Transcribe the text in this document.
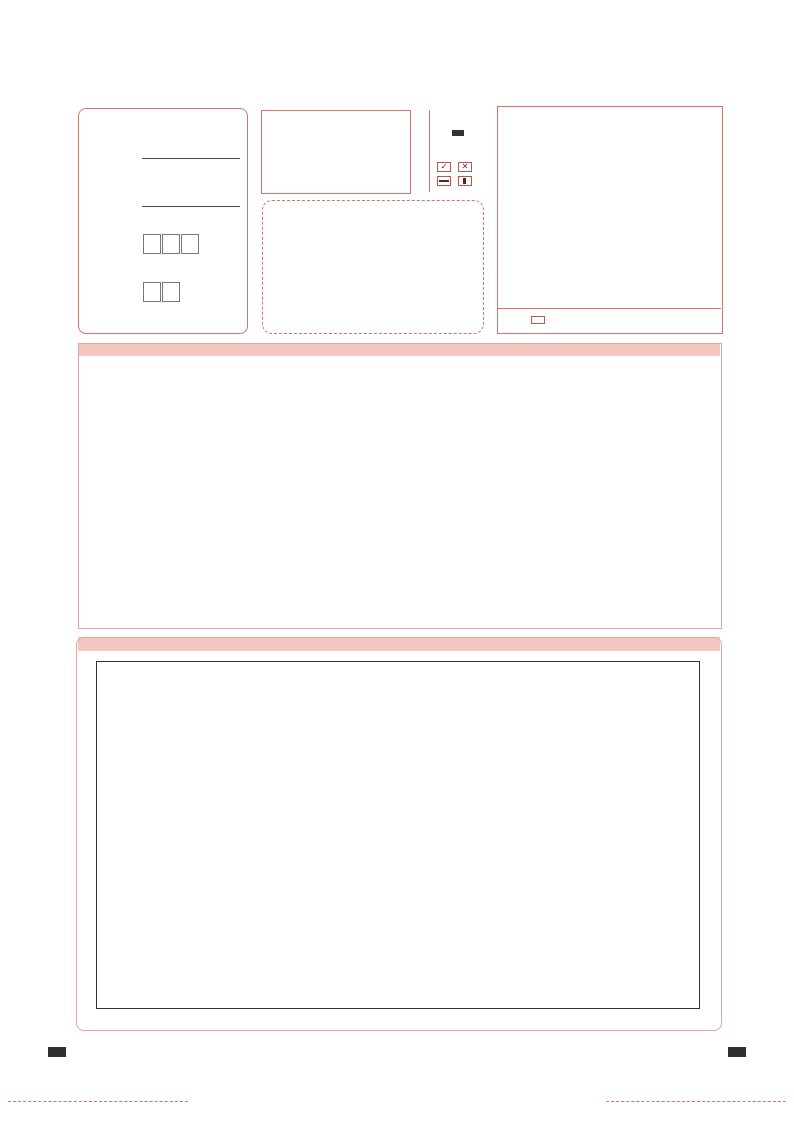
✓	✕
